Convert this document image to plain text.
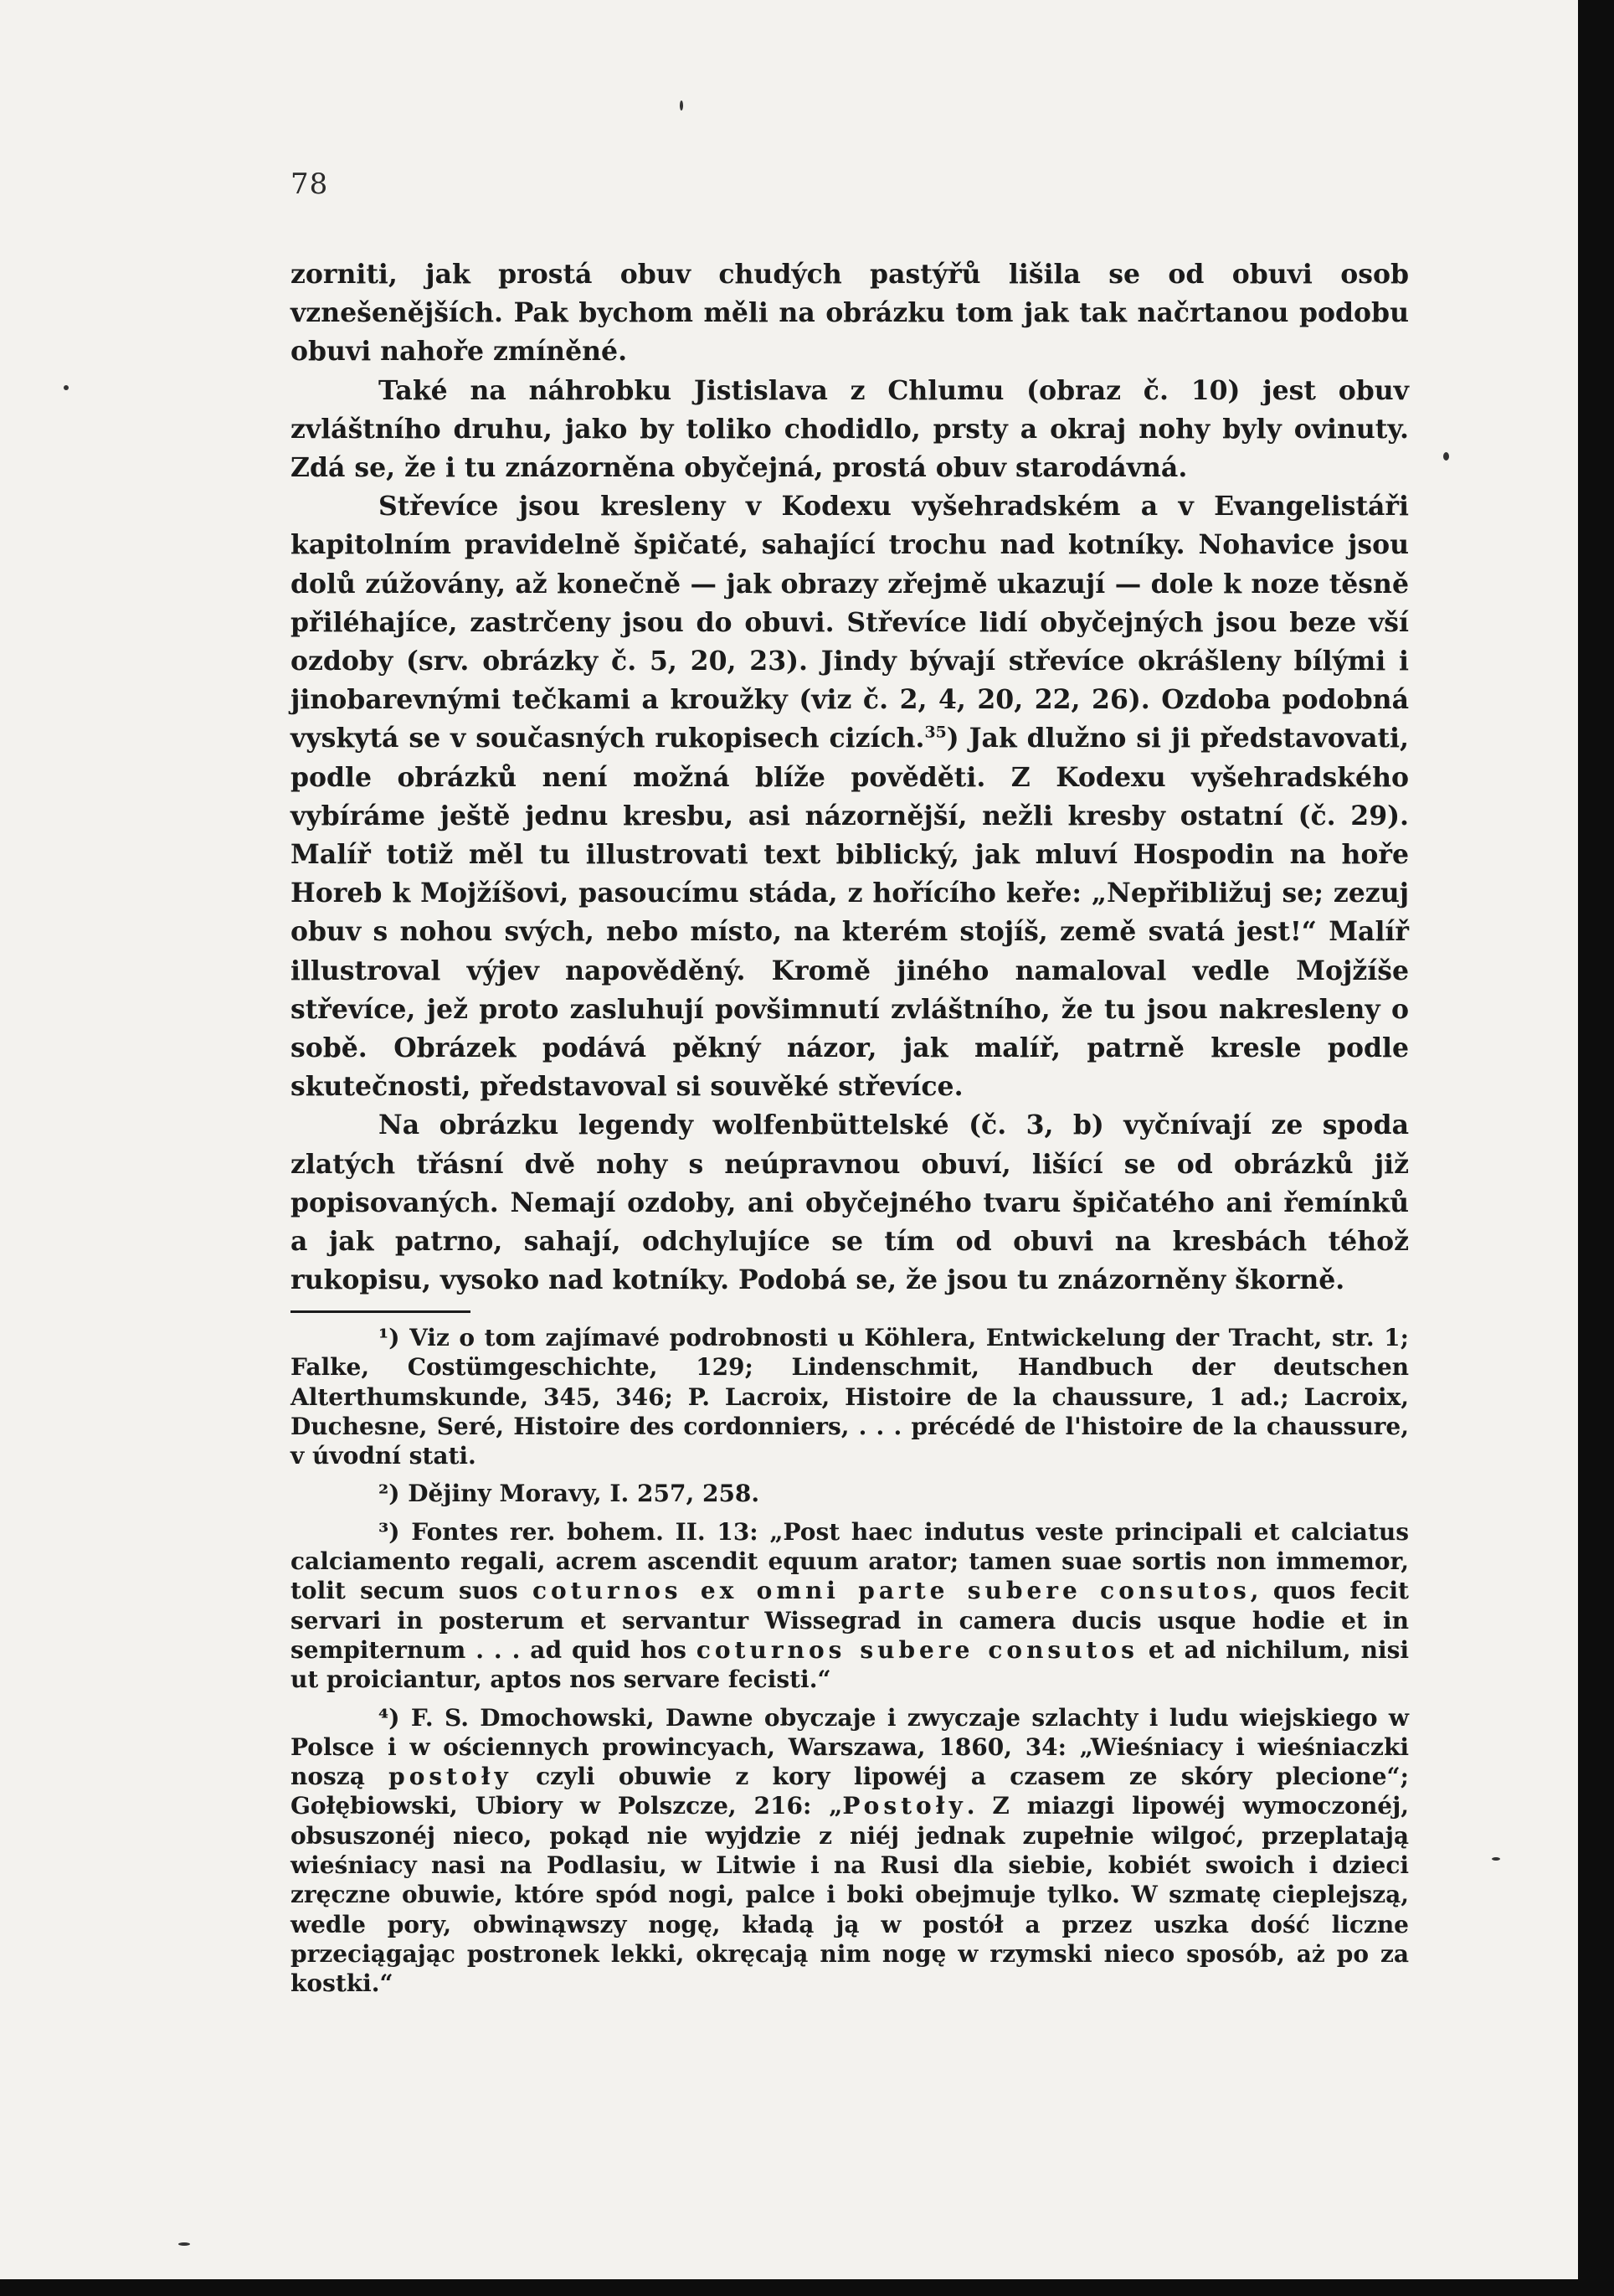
78

zorniti, jak prostá obuv chudých pastýřů lišila se od obuvi osob vznešenějších. Pak bychom měli na obrázku tom jak tak načrtanou podobu obuvi nahoře zmíněné.

Také na náhrobku Jistislava z Chlumu (obraz č. 10) jest obuv zvláštního druhu, jako by toliko chodidlo, prsty a okraj nohy byly ovinuty. Zdá se, že i tu znázorněna obyčejná, prostá obuv starodávná.

Střevíce jsou kresleny v Kodexu vyšehradském a v Evangelistáři kapitolním pravidelně špičaté, sahající trochu nad kotníky. Nohavice jsou dolů zúžovány, až konečně — jak obrazy zřejmě ukazují — dole k noze těsně přiléhajíce, zastrčeny jsou do obuvi. Střevíce lidí obyčejných jsou beze vší ozdoby (srv. obrázky č. 5, 20, 23). Jindy bývají střevíce okrášleny bílými i jinobarevnými tečkami a kroužky (viz č. 2, 4, 20, 22, 26). Ozdoba podobná vyskytá se v současných rukopisech cizích.$^{35}$) Jak dlužno si ji představovati, podle obrázků není možná blíže pověděti. Z Kodexu vyšehradského vybíráme ještě jednu kresbu, asi názornější, nežli kresby ostatní (č. 29). Malíř totiž měl tu illustrovati text biblický, jak mluví Hospodin na hoře Horeb k Mojžíšovi, pasoucímu stáda, z hořícího keře: „Nepřibližuj se; zezuj obuv s nohou svých, nebo místo, na kterém stojíš, země svatá jest!“ Malíř illustroval výjev napověděný. Kromě jiného namaloval vedle Mojžíše střevíce, jež proto zasluhují povšimnutí zvláštního, že tu jsou nakresleny o sobě. Obrázek podává pěkný názor, jak malíř, patrně kresle podle skutečnosti, představoval si souvěké střevíce.

Na obrázku legendy wolfenbüttelské (č. 3, b) vyčnívají ze spoda zlatých třásní dvě nohy s neúpravnou obuví, lišící se od obrázků již popisovaných. Nemají ozdoby, ani obyčejného tvaru špičatého ani řemínků a jak patrno, sahají, odchylujíce se tím od obuvi na kresbách téhož rukopisu, vysoko nad kotníky. Podobá se, že jsou tu znázorněny škorně.

¹) Viz o tom zajímavé podrobnosti u Köhlera, Entwickelung der Tracht, str. 1; Falke, Costümgeschichte, 129; Lindenschmit, Handbuch der deutschen Alterthumskunde, 345, 346; P. Lacroix, Histoire de la chaussure, 1 ad.; Lacroix, Duchesne, Seré, Histoire des cordonniers, . . . précédé de l'histoire de la chaussure, v úvodní stati.

²) Dějiny Moravy, I. 257, 258.

³) Fontes rer. bohem. II. 13: „Post haec indutus veste principali et calciatus calciamento regali, acrem ascendit equum arator; tamen suae sortis non immemor, tolit secum suos coturnos ex omni parte subere consutos, quos fecit servari in posterum et servantur Wissegrad in camera ducis usque hodie et in sempiternum . . . ad quid hos coturnos subere consutos et ad nichilum, nisi ut proiciantur, aptos nos servare fecisti.“

⁴) F. S. Dmochowski, Dawne obyczaje i zwyczaje szlachty i ludu wiejskiego w Polsce i w ościennych prowincyach, Warszawa, 1860, 34: „Wieśniacy i wieśniaczki noszą postoły czyli obuwie z kory lipowéj a czasem ze skóry plecione“; Gołębiowski, Ubiory w Polszcze, 216: „Postoły. Z miazgi lipowéj wymoczonéj, obsuszonéj nieco, pokąd nie wyjdzie z niéj jednak zupełnie wilgoć, przeplatają wieśniacy nasi na Podlasiu, w Litwie i na Rusi dla siebie, kobiét swoich i dzieci zręczne obuwie, które spód nogi, palce i boki obejmuje tylko. W szmatę cieplejszą, wedle pory, obwinąwszy nogę, kładą ją w postół a przez uszka dość liczne przeciągając postronek lekki, okręcają nim nogę w rzymski nieco sposób, aż po za kostki.“
